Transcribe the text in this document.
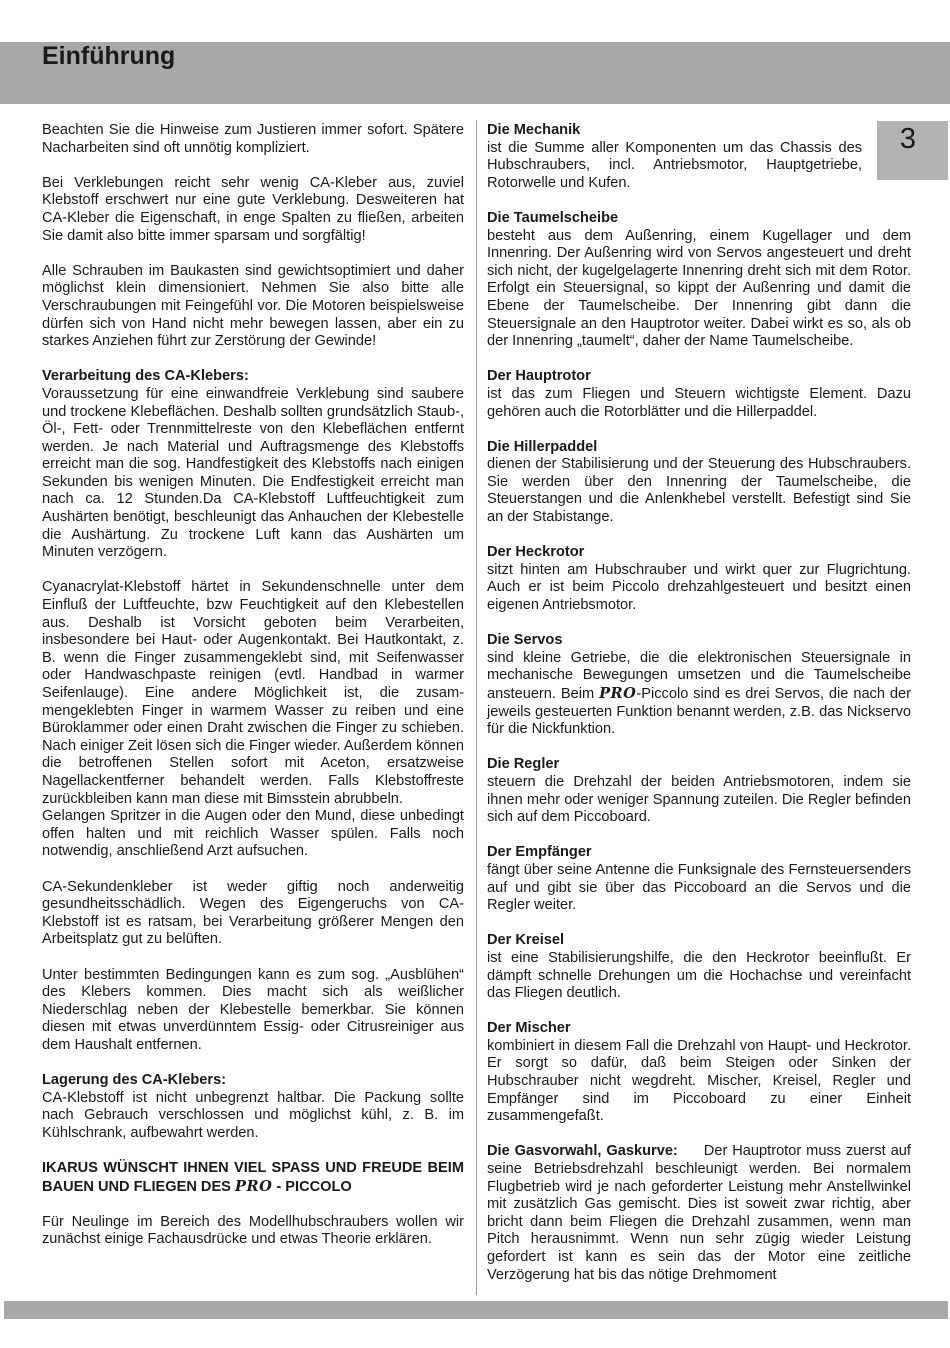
Einführung
3

Beachten Sie die Hinweise zum Justieren immer sofort. Spätere Nacharbeiten sind oft unnötig kompliziert.

Bei Verklebungen reicht sehr wenig CA-Kleber aus, zuviel Klebstoff erschwert nur eine gute Verklebung. Desweiteren hat CA-Kleber die Eigenschaft, in enge Spalten zu fließen, arbeiten Sie damit also bitte immer sparsam und sorgfältig!

Alle Schrauben im Baukasten sind gewichtsoptimiert und daher möglichst klein dimensioniert. Nehmen Sie also bitte alle Verschraubungen mit Feingefühl vor. Die Motoren beispielsweise dürfen sich von Hand nicht mehr bewegen lassen, aber ein zu starkes Anziehen führt zur Zerstörung der Gewinde!

Verarbeitung des CA-Klebers:
Voraussetzung für eine einwandfreie Verklebung sind saubere und trockene Klebeflächen. Deshalb sollten grundsätzlich Staub-, Öl-, Fett- oder Trennmittelreste von den Klebeflächen entfernt werden. Je nach Material und Auftragsmenge des Klebstoffs erreicht man die sog. Handfestigkeit des Klebstoffs nach einigen Sekunden bis wenigen Minuten. Die Endfestigkeit erreicht man nach ca. 12 Stunden.Da CA-Klebstoff Luftfeuchtigkeit zum Aushärten benötigt, beschleunigt das Anhauchen der Klebestelle die Aushärtung. Zu trockene Luft kann das Aushärten um Minuten verzögern.

Cyanacrylat-Klebstoff härtet in Sekundenschnelle unter dem Einfluß der Luftfeuchte, bzw Feuchtigkeit auf den Klebestellen aus. Deshalb ist Vorsicht geboten beim Verarbeiten, insbesondere bei Haut- oder Augenkontakt. Bei Hautkontakt, z. B. wenn die Finger zusammengeklebt sind, mit Seifenwasser oder Handwaschpaste reinigen (evtl. Handbad in warmer Seifenlauge). Eine andere Möglichkeit ist, die zusammengeklebten Finger in warmem Wasser zu reiben und eine Büroklammer oder einen Draht zwischen die Finger zu schieben. Nach einiger Zeit lösen sich die Finger wieder. Außerdem können die betroffenen Stellen sofort mit Aceton, ersatzweise Nagellackentferner behandelt werden. Falls Klebstoffreste zurückbleiben kann man diese mit Bimsstein abrubbeln.

Gelangen Spritzer in die Augen oder den Mund, diese unbedingt offen halten und mit reichlich Wasser spülen. Falls noch notwendig, anschließend Arzt aufsuchen.

CA-Sekundenkleber ist weder giftig noch anderweitig gesundheitsschädlich. Wegen des Eigengeruchs von CA-Klebstoff ist es ratsam, bei Verarbeitung größerer Mengen den Arbeitsplatz gut zu belüften.

Unter bestimmten Bedingungen kann es zum sog. „Ausblühen“ des Klebers kommen. Dies macht sich als weißlicher Niederschlag neben der Klebestelle bemerkbar. Sie können diesen mit etwas unverdünntem Essig- oder Citrusreiniger aus dem Haushalt entfernen.

Lagerung des CA-Klebers:
CA-Klebstoff ist nicht unbegrenzt haltbar. Die Packung sollte nach Gebrauch verschlossen und möglichst kühl, z. B. im Kühlschrank, aufbewahrt werden.

IKARUS WÜNSCHT IHNEN VIEL SPASS UND FREUDE BEIM BAUEN UND FLIEGEN DES PRO - PICCOLO

Für Neulinge im Bereich des Modellhubschraubers wollen wir zunächst einige Fachausdrücke und etwas Theorie erklären.

Die Mechanik
ist die Summe aller Komponenten um das Chassis des Hubschraubers, incl. Antriebsmotor, Hauptgetriebe, Rotorwelle und Kufen.

Die Taumelscheibe
besteht aus dem Außenring, einem Kugellager und dem Innenring. Der Außenring wird von Servos angesteuert und dreht sich nicht, der kugelgelagerte Innenring dreht sich mit dem Rotor. Erfolgt ein Steuersignal, so kippt der Außenring und damit die Ebene der Taumelscheibe. Der Innenring gibt dann die Steuersignale an den Hauptrotor weiter. Dabei wirkt es so, als ob der Innenring „taumelt“, daher der Name Taumelscheibe.

Der Hauptrotor
ist das zum Fliegen und Steuern wichtigste Element. Dazu gehören auch die Rotorblätter und die Hillerpaddel.

Die Hillerpaddel
dienen der Stabilisierung und der Steuerung des Hubschraubers. Sie werden über den Innenring der Taumelscheibe, die Steuerstangen und die Anlenkhebel verstellt. Befestigt sind Sie an der Stabistange.

Der Heckrotor
sitzt hinten am Hubschrauber und wirkt quer zur Flugrichtung. Auch er ist beim Piccolo drehzahlgesteuert und besitzt einen eigenen Antriebsmotor.

Die Servos
sind kleine Getriebe, die die elektronischen Steuersignale in mechanische Bewegungen umsetzen und die Taumelscheibe ansteuern. Beim PRO-Piccolo sind es drei Servos, die nach der jeweils gesteuerten Funktion benannt werden, z.B. das Nickservo für die Nickfunktion.

Die Regler
steuern die Drehzahl der beiden Antriebsmotoren, indem sie ihnen mehr oder weniger Spannung zuteilen. Die Regler befinden sich auf dem Piccoboard.

Der Empfänger
fängt über seine Antenne die Funksignale des Fernsteuersenders auf und gibt sie über das Piccoboard an die Servos und die Regler weiter.

Der Kreisel
ist eine Stabilisierungshilfe, die den Heckrotor beeinflußt. Er dämpft schnelle Drehungen um die Hochachse und vereinfacht das Fliegen deutlich.

Der Mischer
kombiniert in diesem Fall die Drehzahl von Haupt- und Heckrotor. Er sorgt so dafür, daß beim Steigen oder Sinken der Hubschrauber nicht wegdreht. Mischer, Kreisel, Regler und Empfänger sind im Piccoboard zu einer Einheit zusammengefaßt.

Die Gasvorwahl, Gaskurve: Der Hauptrotor muss zuerst auf seine Betriebsdrehzahl beschleunigt werden. Bei normalem Flugbetrieb wird je nach geforderter Leistung mehr Anstellwinkel mit zusätzlich Gas gemischt. Dies ist soweit zwar richtig, aber bricht dann beim Fliegen die Drehzahl zusammen, wenn man Pitch herausnimmt. Wenn nun sehr zügig wieder Leistung gefordert ist kann es sein das der Motor eine zeitliche Verzögerung hat bis das nötige Drehmoment
